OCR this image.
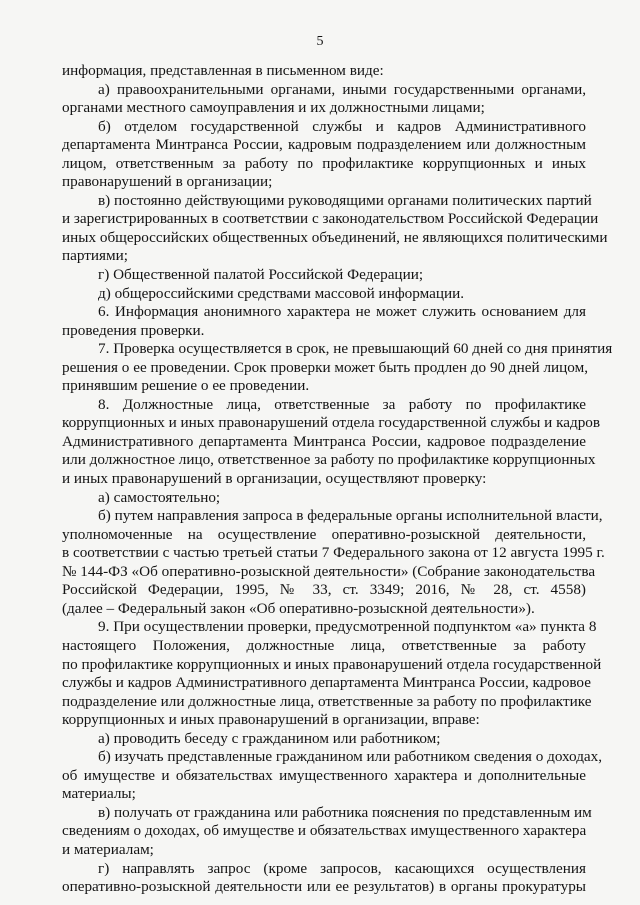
5
информация, представленная в письменном виде:
а) правоохранительными органами, иными государственными органами,
органами местного самоуправления и их должностными лицами;
б) отделом государственной службы и кадров Административного
департамента Минтранса России, кадровым подразделением или должностным
лицом, ответственным за работу по профилактике коррупционных и иных
правонарушений в организации;
в) постоянно действующими руководящими органами политических партий
и зарегистрированных в соответствии с законодательством Российской Федерации
иных общероссийских общественных объединений, не являющихся политическими
партиями;
г) Общественной палатой Российской Федерации;
д) общероссийскими средствами массовой информации.
6. Информация анонимного характера не может служить основанием для
проведения проверки.
7. Проверка осуществляется в срок, не превышающий 60 дней со дня принятия
решения о ее проведении. Срок проверки может быть продлен до 90 дней лицом,
принявшим решение о ее проведении.
8. Должностные лица, ответственные за работу по профилактике
коррупционных и иных правонарушений отдела государственной службы и кадров
Административного департамента Минтранса России, кадровое подразделение
или должностное лицо, ответственное за работу по профилактике коррупционных
и иных правонарушений в организации, осуществляют проверку:
а) самостоятельно;
б) путем направления запроса в федеральные органы исполнительной власти,
уполномоченные на осуществление оперативно-розыскной деятельности,
в соответствии с частью третьей статьи 7 Федерального закона от 12 августа 1995 г.
№ 144-ФЗ «Об оперативно-розыскной деятельности» (Собрание законодательства
Российской Федерации, 1995, № 33, ст. 3349; 2016, № 28, ст. 4558)
(далее – Федеральный закон «Об оперативно-розыскной деятельности»).
9. При осуществлении проверки, предусмотренной подпунктом «а» пункта 8
настоящего Положения, должностные лица, ответственные за работу
по профилактике коррупционных и иных правонарушений отдела государственной
службы и кадров Административного департамента Минтранса России, кадровое
подразделение или должностные лица, ответственные за работу по профилактике
коррупционных и иных правонарушений в организации, вправе:
а) проводить беседу с гражданином или работником;
б) изучать представленные гражданином или работником сведения о доходах,
об имуществе и обязательствах имущественного характера и дополнительные
материалы;
в) получать от гражданина или работника пояснения по представленным им
сведениям о доходах, об имуществе и обязательствах имущественного характера
и материалам;
г) направлять запрос (кроме запросов, касающихся осуществления
оперативно-розыскной деятельности или ее результатов) в органы прокуратуры
